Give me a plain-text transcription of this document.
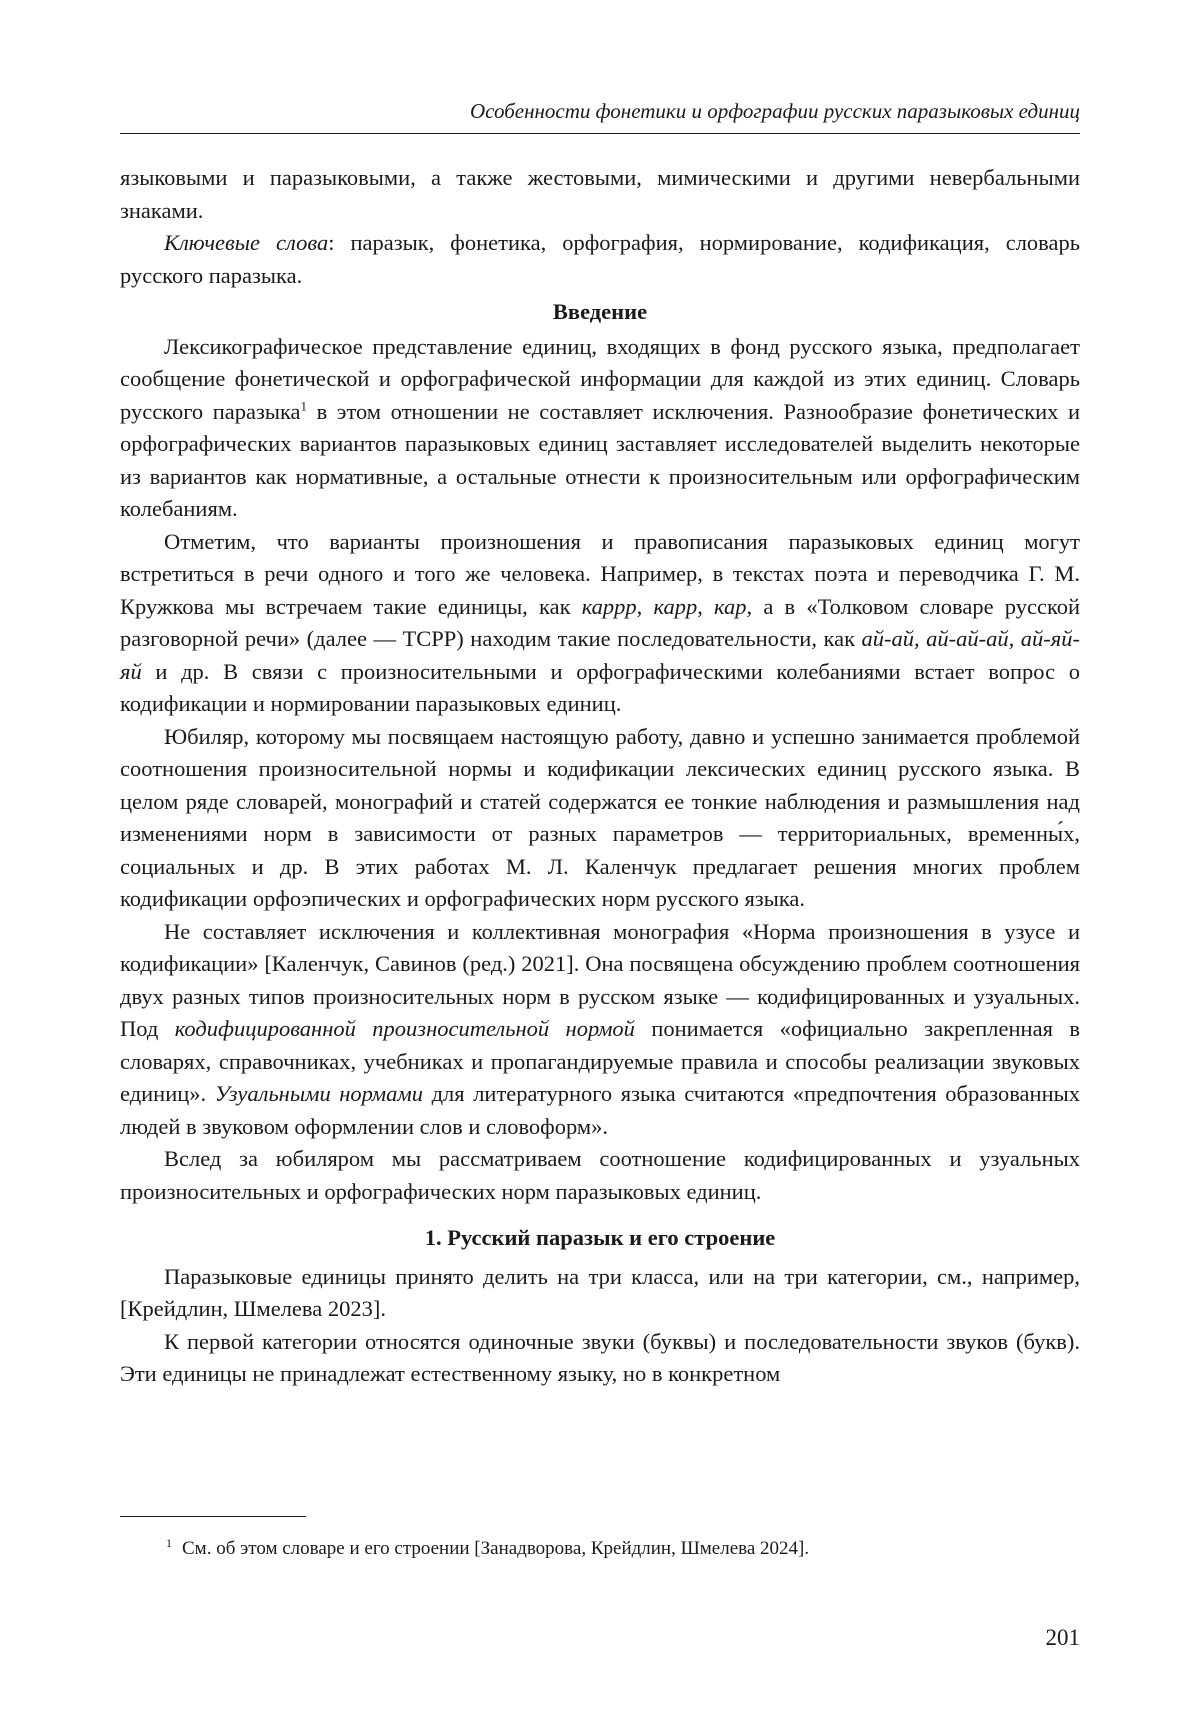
Особенности фонетики и орфографии русских паразыковых единиц

языковыми и паразыковыми, а также жестовыми, мимическими и другими невербальными знаками.

Ключевые слова: паразык, фонетика, орфография, нормирование, кодификация, словарь русского паразыка.

Введение

Лексикографическое представление единиц, входящих в фонд русского языка, предполагает сообщение фонетической и орфографической информации для каждой из этих единиц. Словарь русского паразыка$^1$ в этом отношении не составляет исключения. Разнообразие фонетических и орфографических вариантов паразыковых единиц заставляет исследователей выделить некоторые из вариантов как нормативные, а остальные отнести к произносительным или орфографическим колебаниям.

Отметим, что варианты произношения и правописания паразыковых единиц могут встретиться в речи одного и того же человека. Например, в текстах поэта и переводчика Г. М. Кружкова мы встречаем такие единицы, как каррр, карр, кар, а в «Толковом словаре русской разговорной речи» (далее — ТСРР) находим такие последовательности, как ай-ай, ай-ай-ай, ай-яй-яй и др. В связи с произносительными и орфографическими колебаниями встает вопрос о кодификации и нормировании паразыковых единиц.

Юбиляр, которому мы посвящаем настоящую работу, давно и успешно занимается проблемой соотношения произносительной нормы и кодификации лексических единиц русского языка. В целом ряде словарей, монографий и статей содержатся ее тонкие наблюдения и размышления над изменениями норм в зависимости от разных параметров — территориальных, временны́х, социальных и др. В этих работах М. Л. Каленчук предлагает решения многих проблем кодификации орфоэпических и орфографических норм русского языка.

Не составляет исключения и коллективная монография «Норма произношения в узусе и кодификации» [Каленчук, Савинов (ред.) 2021]. Она посвящена обсуждению проблем соотношения двух разных типов произносительных норм в русском языке — кодифицированных и узуальных. Под кодифицированной произносительной нормой понимается «официально закрепленная в словарях, справочниках, учебниках и пропагандируемые правила и способы реализации звуковых единиц». Узуальными нормами для литературного языка считаются «предпочтения образованных людей в звуковом оформлении слов и словоформ».

Вслед за юбиляром мы рассматриваем соотношение кодифицированных и узуальных произносительных и орфографических норм паразыковых единиц.

1. Русский паразык и его строение

Паразыковые единицы принято делить на три класса, или на три категории, см., например, [Крейдлин, Шмелева 2023].

К первой категории относятся одиночные звуки (буквы) и последовательности звуков (букв). Эти единицы не принадлежат естественному языку, но в конкретном

$^1$ См. об этом словаре и его строении [Занадворова, Крейдлин, Шмелева 2024].
201
